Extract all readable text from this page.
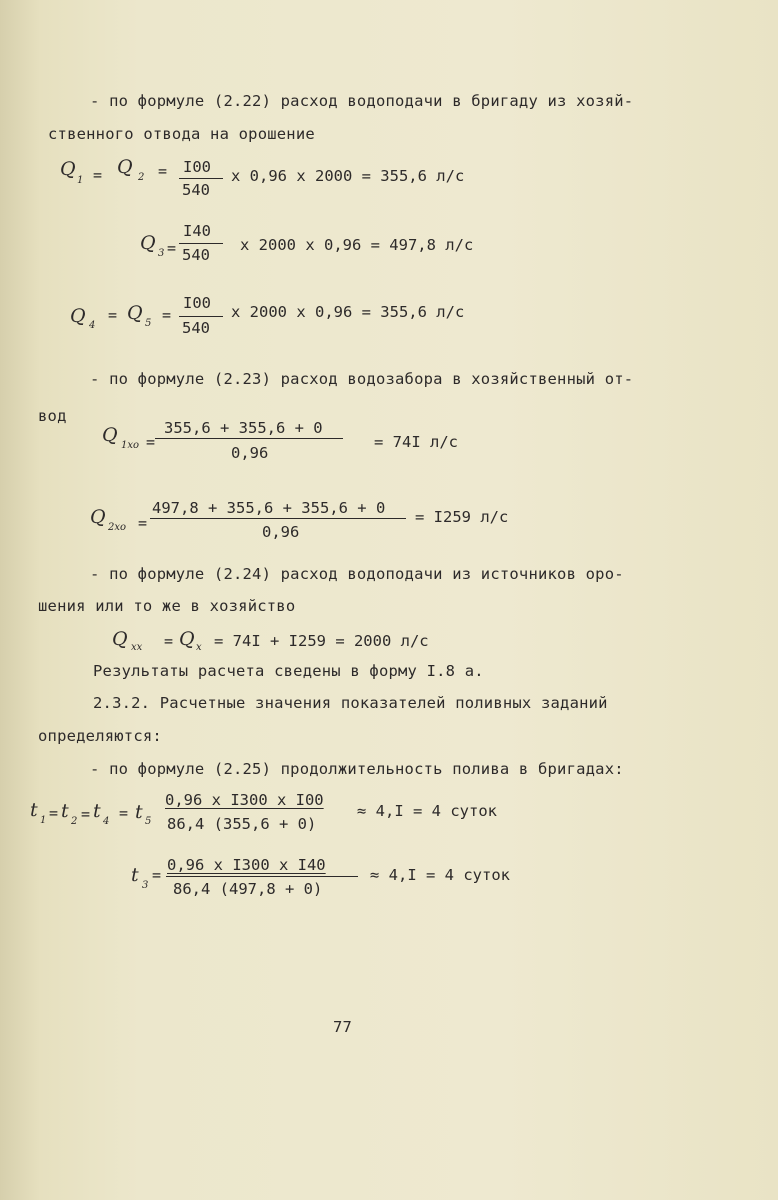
- по формуле (2.22) расход водоподачи в бригаду из хозяй-
ственного отвода на орошение
Q
1 = Q 2 = I00
540
x 0,96 x 2000 = 355,6 л/с
Q 3 =
I40
540
x 2000 x 0,96 = 497,8 л/с
Q 4
= Q 5 =
I00
540
x 2000 x 0,96 = 355,6 л/с
- по формуле (2.23) расход водозабора в хозяйственный от-
вод
Q 1хо =
355,6 + 355,6 + 0
0,96
= 74I л/с
Q 2хо =
497,8 + 355,6 + 355,6 + 0
0,96
= I259 л/с
- по формуле (2.24) расход водоподачи из источников оро-
шения или то же в хозяйство
Q хх = Q х = 74I + I259 = 2000 л/с
Результаты расчета сведены в форму I.8 а.
2.3.2. Расчетные значения показателей поливных заданий
определяются:
- по формуле (2.25) продолжительность полива в бригадах:
t 1 = t 2 = t 4 = t 5
0,96 x I300 x I00
86,4 (355,6 + 0)
≈ 4,I = 4 суток
t 3
=
0,96 x I300 x I40
86,4 (497,8 + 0)
≈ 4,I = 4 суток
77
